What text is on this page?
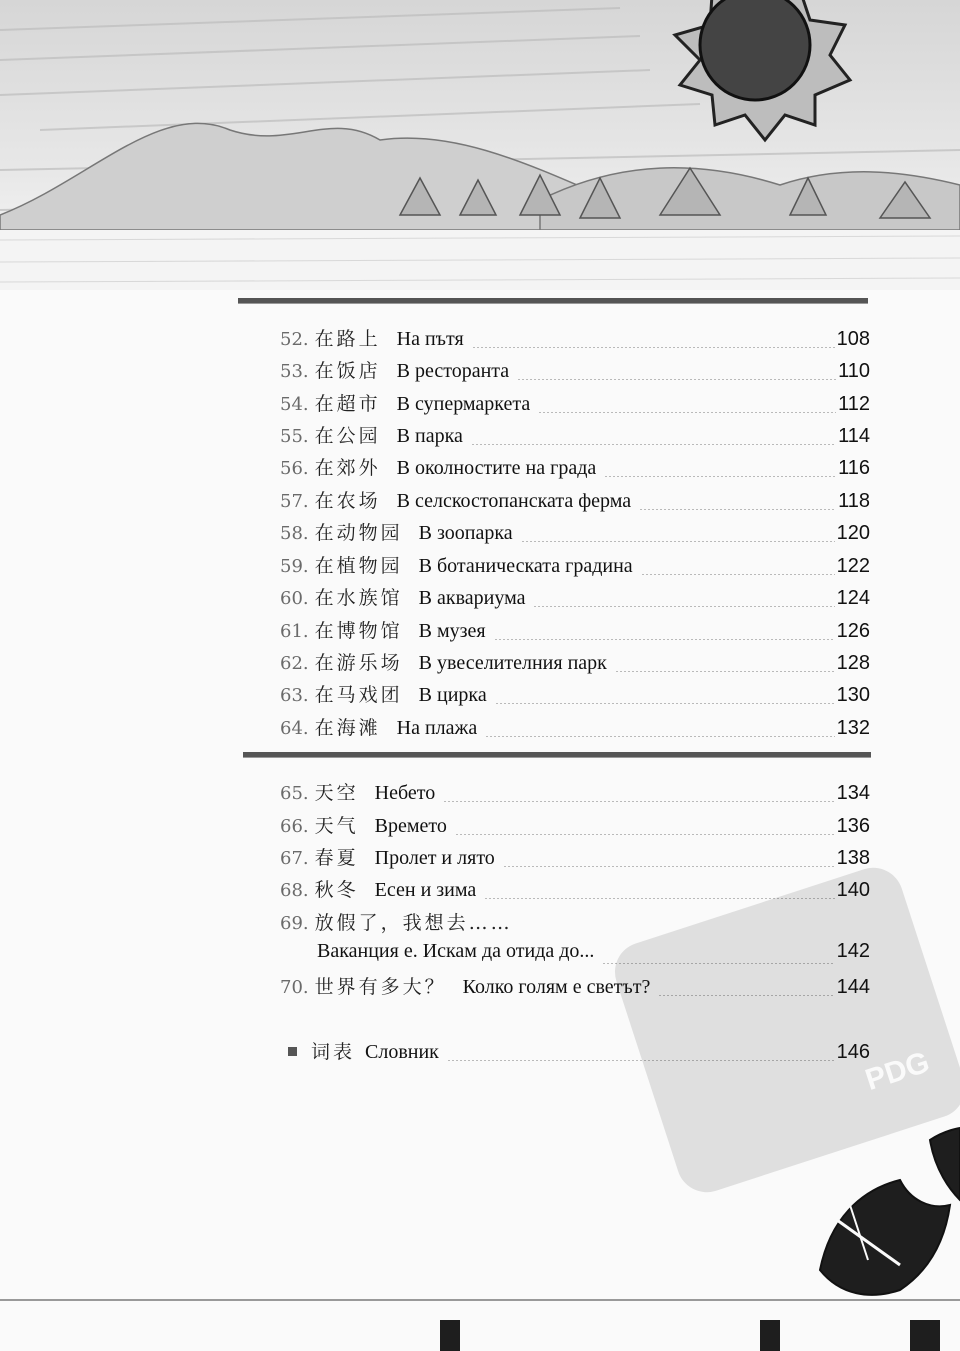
PDG
52. 在路上 На пътя	108
53. 在饭店 В ресторанта	110
54. 在超市 В супермаркета	112
55. 在公园 В парка	114
56. 在郊外 В околностите на града	116
57. 在农场 В селскостопанската ферма	118
58. 在动物园 В зоопарка	120
59. 在植物园 В ботаническата градина	122
60. 在水族馆 В аквариума	124
61. 在博物馆 В музея	126
62. 在游乐场 В увеселителния парк	128
63. 在马戏团 В цирка	130
64. 在海滩 На плажа	132
65. 天空 Небето	134
66. 天气 Времето	136
67. 春夏 Пролет и лято	138
68. 秋冬 Есен и зима	140
69. 放假了，我想去……
Ваканция е. Искам да отида до...	142
70. 世界有多大？ Колко голям е светът?	144
词表 Словник	146
